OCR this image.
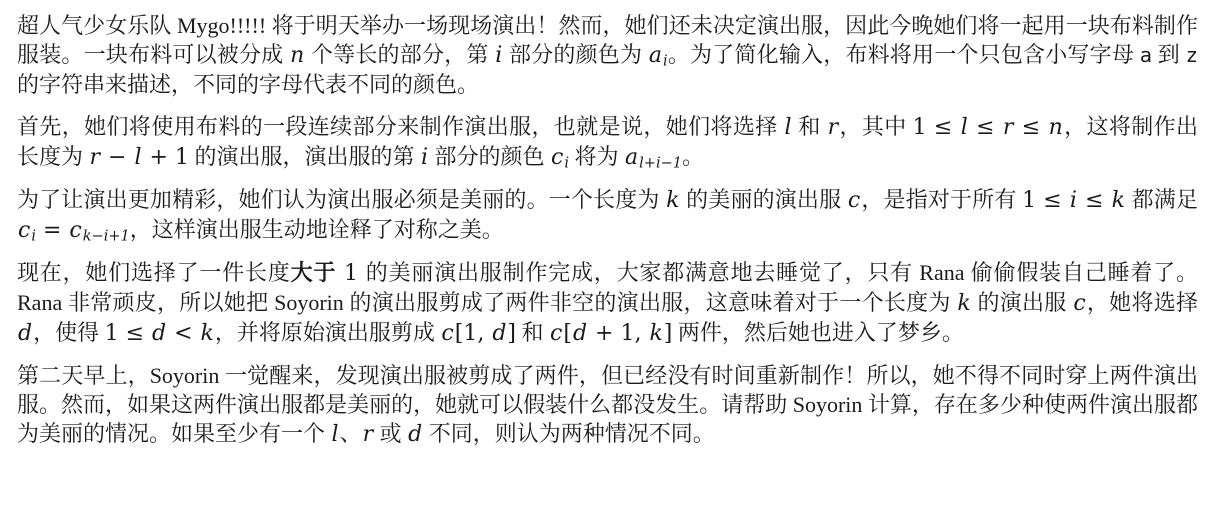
超人气少女乐队 Mygo!!!!! 将于明天举办一场现场演出！然而，她们还未决定演出服，因此今晚她们将一起用一块布料制作服装。一块布料可以被分成 n 个等长的部分，第 i 部分的颜色为 $a_i$。为了简化输入，布料将用一个只包含小写字母 a 到 z 的字符串来描述，不同的字母代表不同的颜色。

首先，她们将使用布料的一段连续部分来制作演出服，也就是说，她们将选择 l 和 r，其中 1 ≤ l ≤ r ≤ n，这将制作出长度为 r − l + 1 的演出服，演出服的第 i 部分的颜色 $c_i$ 将为 $a_{l+i-1}$。

为了让演出更加精彩，她们认为演出服必须是美丽的。一个长度为 k 的美丽的演出服 c，是指对于所有 1 ≤ i ≤ k 都满足 $c_i = c_{k-i+1}$，这样演出服生动地诠释了对称之美。

现在，她们选择了一件长度大于 1 的美丽演出服制作完成，大家都满意地去睡觉了，只有 Rana 偷偷假装自己睡着了。Rana 非常顽皮，所以她把 Soyorin 的演出服剪成了两件非空的演出服，这意味着对于一个长度为 k 的演出服 c，她将选择 d，使得 1 ≤ d < k，并将原始演出服剪成 c[1, d] 和 c[d + 1, k] 两件，然后她也进入了梦乡。

第二天早上，Soyorin 一觉醒来，发现演出服被剪成了两件，但已经没有时间重新制作！所以，她不得不同时穿上两件演出服。然而，如果这两件演出服都是美丽的，她就可以假装什么都没发生。请帮助 Soyorin 计算，存在多少种使两件演出服都为美丽的情况。如果至少有一个 l、r 或 d 不同，则认为两种情况不同。
